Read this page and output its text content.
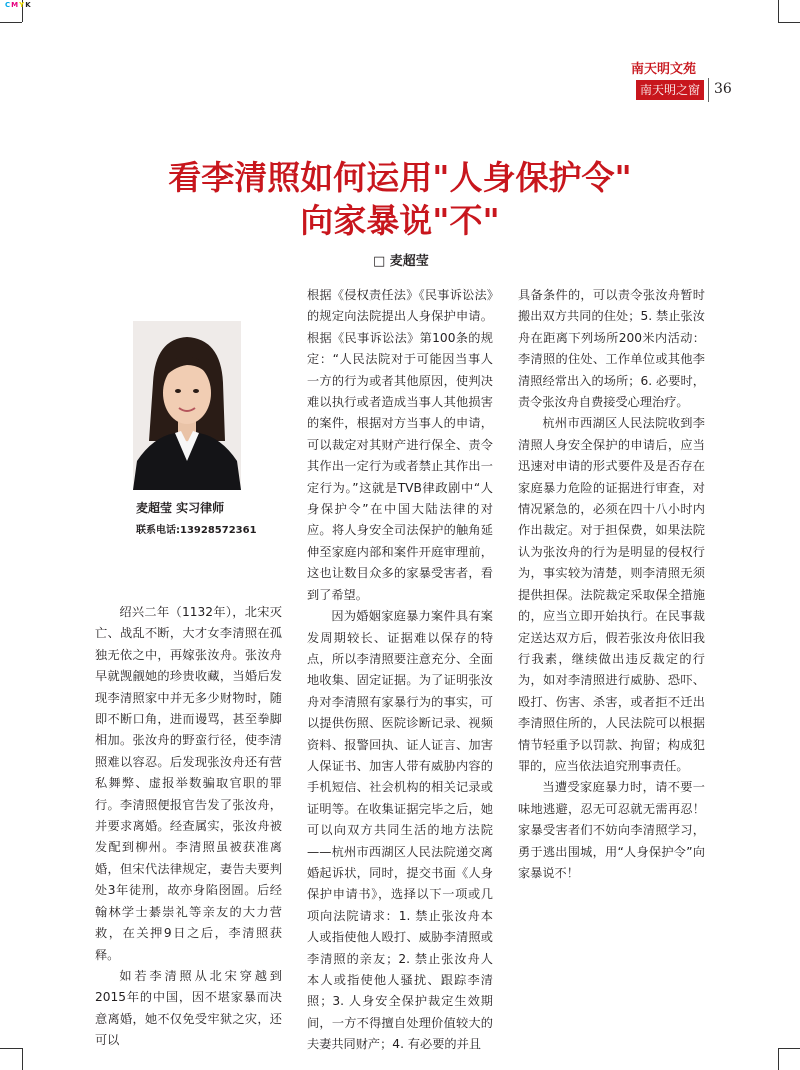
CMYK
南天明文苑
南天明之窗 36
看李清照如何运用"人身保护令"
向家暴说"不"
□ 麦超莹
麦超莹 实习律师
联系电话:13928572361

绍兴二年（1132年），北宋灭亡、战乱不断，大才女李清照在孤独无依之中，再嫁张汝舟。张汝舟早就觊觎她的珍贵收藏，当婚后发现李清照家中并无多少财物时，随即不断口角，进而谩骂，甚至拳脚相加。张汝舟的野蛮行径，使李清照难以容忍。后发现张汝舟还有营私舞弊、虚报举数骗取官职的罪行。李清照便报官告发了张汝舟，并要求离婚。经查属实，张汝舟被发配到柳州。李清照虽被获准离婚，但宋代法律规定，妻告夫要判处3年徒刑，故亦身陷囹圄。后经翰林学士綦崇礼等亲友的大力营救，在关押9日之后，李清照获释。

如若李清照从北宋穿越到2015年的中国，因不堪家暴而决意离婚，她不仅免受牢狱之灾，还可以

根据《侵权责任法》《民事诉讼法》的规定向法院提出人身保护申请。根据《民事诉讼法》第100条的规定：“人民法院对于可能因当事人一方的行为或者其他原因，使判决难以执行或者造成当事人其他损害的案件，根据对方当事人的申请，可以裁定对其财产进行保全、责令其作出一定行为或者禁止其作出一定行为。”这就是TVB律政剧中“人身保护令”在中国大陆法律的对应。将人身安全司法保护的触角延伸至家庭内部和案件开庭审理前，这也让数目众多的家暴受害者，看到了希望。

因为婚姻家庭暴力案件具有案发周期较长、证据难以保存的特点，所以李清照要注意充分、全面地收集、固定证据。为了证明张汝舟对李清照有家暴行为的事实，可以提供伤照、医院诊断记录、视频资料、报警回执、证人证言、加害人保证书、加害人带有威胁内容的手机短信、社会机构的相关记录或证明等。在收集证据完毕之后，她可以向双方共同生活的地方法院——杭州市西湖区人民法院递交离婚起诉状，同时，提交书面《人身保护申请书》，选择以下一项或几项向法院请求：1. 禁止张汝舟本人或指使他人殴打、威胁李清照或李清照的亲友；2. 禁止张汝舟人本人或指使他人骚扰、跟踪李清照；3. 人身安全保护裁定生效期间，一方不得擅自处理价值较大的夫妻共同财产；4. 有必要的并且

具备条件的，可以责令张汝舟暂时搬出双方共同的住处；5. 禁止张汝舟在距离下列场所200米内活动：李清照的住处、工作单位或其他李清照经常出入的场所；6. 必要时，责令张汝舟自费接受心理治疗。

杭州市西湖区人民法院收到李清照人身安全保护的申请后，应当迅速对申请的形式要件及是否存在家庭暴力危险的证据进行审查，对情况紧急的，必须在四十八小时内作出裁定。对于担保费，如果法院认为张汝舟的行为是明显的侵权行为，事实较为清楚，则李清照无须提供担保。法院裁定采取保全措施的，应当立即开始执行。在民事裁定送达双方后，假若张汝舟依旧我行我素，继续做出违反裁定的行为，如对李清照进行威胁、恐吓、殴打、伤害、杀害，或者拒不迁出李清照住所的，人民法院可以根据情节轻重予以罚款、拘留；构成犯罪的，应当依法追究刑事责任。

当遭受家庭暴力时，请不要一味地逃避，忍无可忍就无需再忍！家暴受害者们不妨向李清照学习，勇于逃出围城，用“人身保护令”向家暴说不！
